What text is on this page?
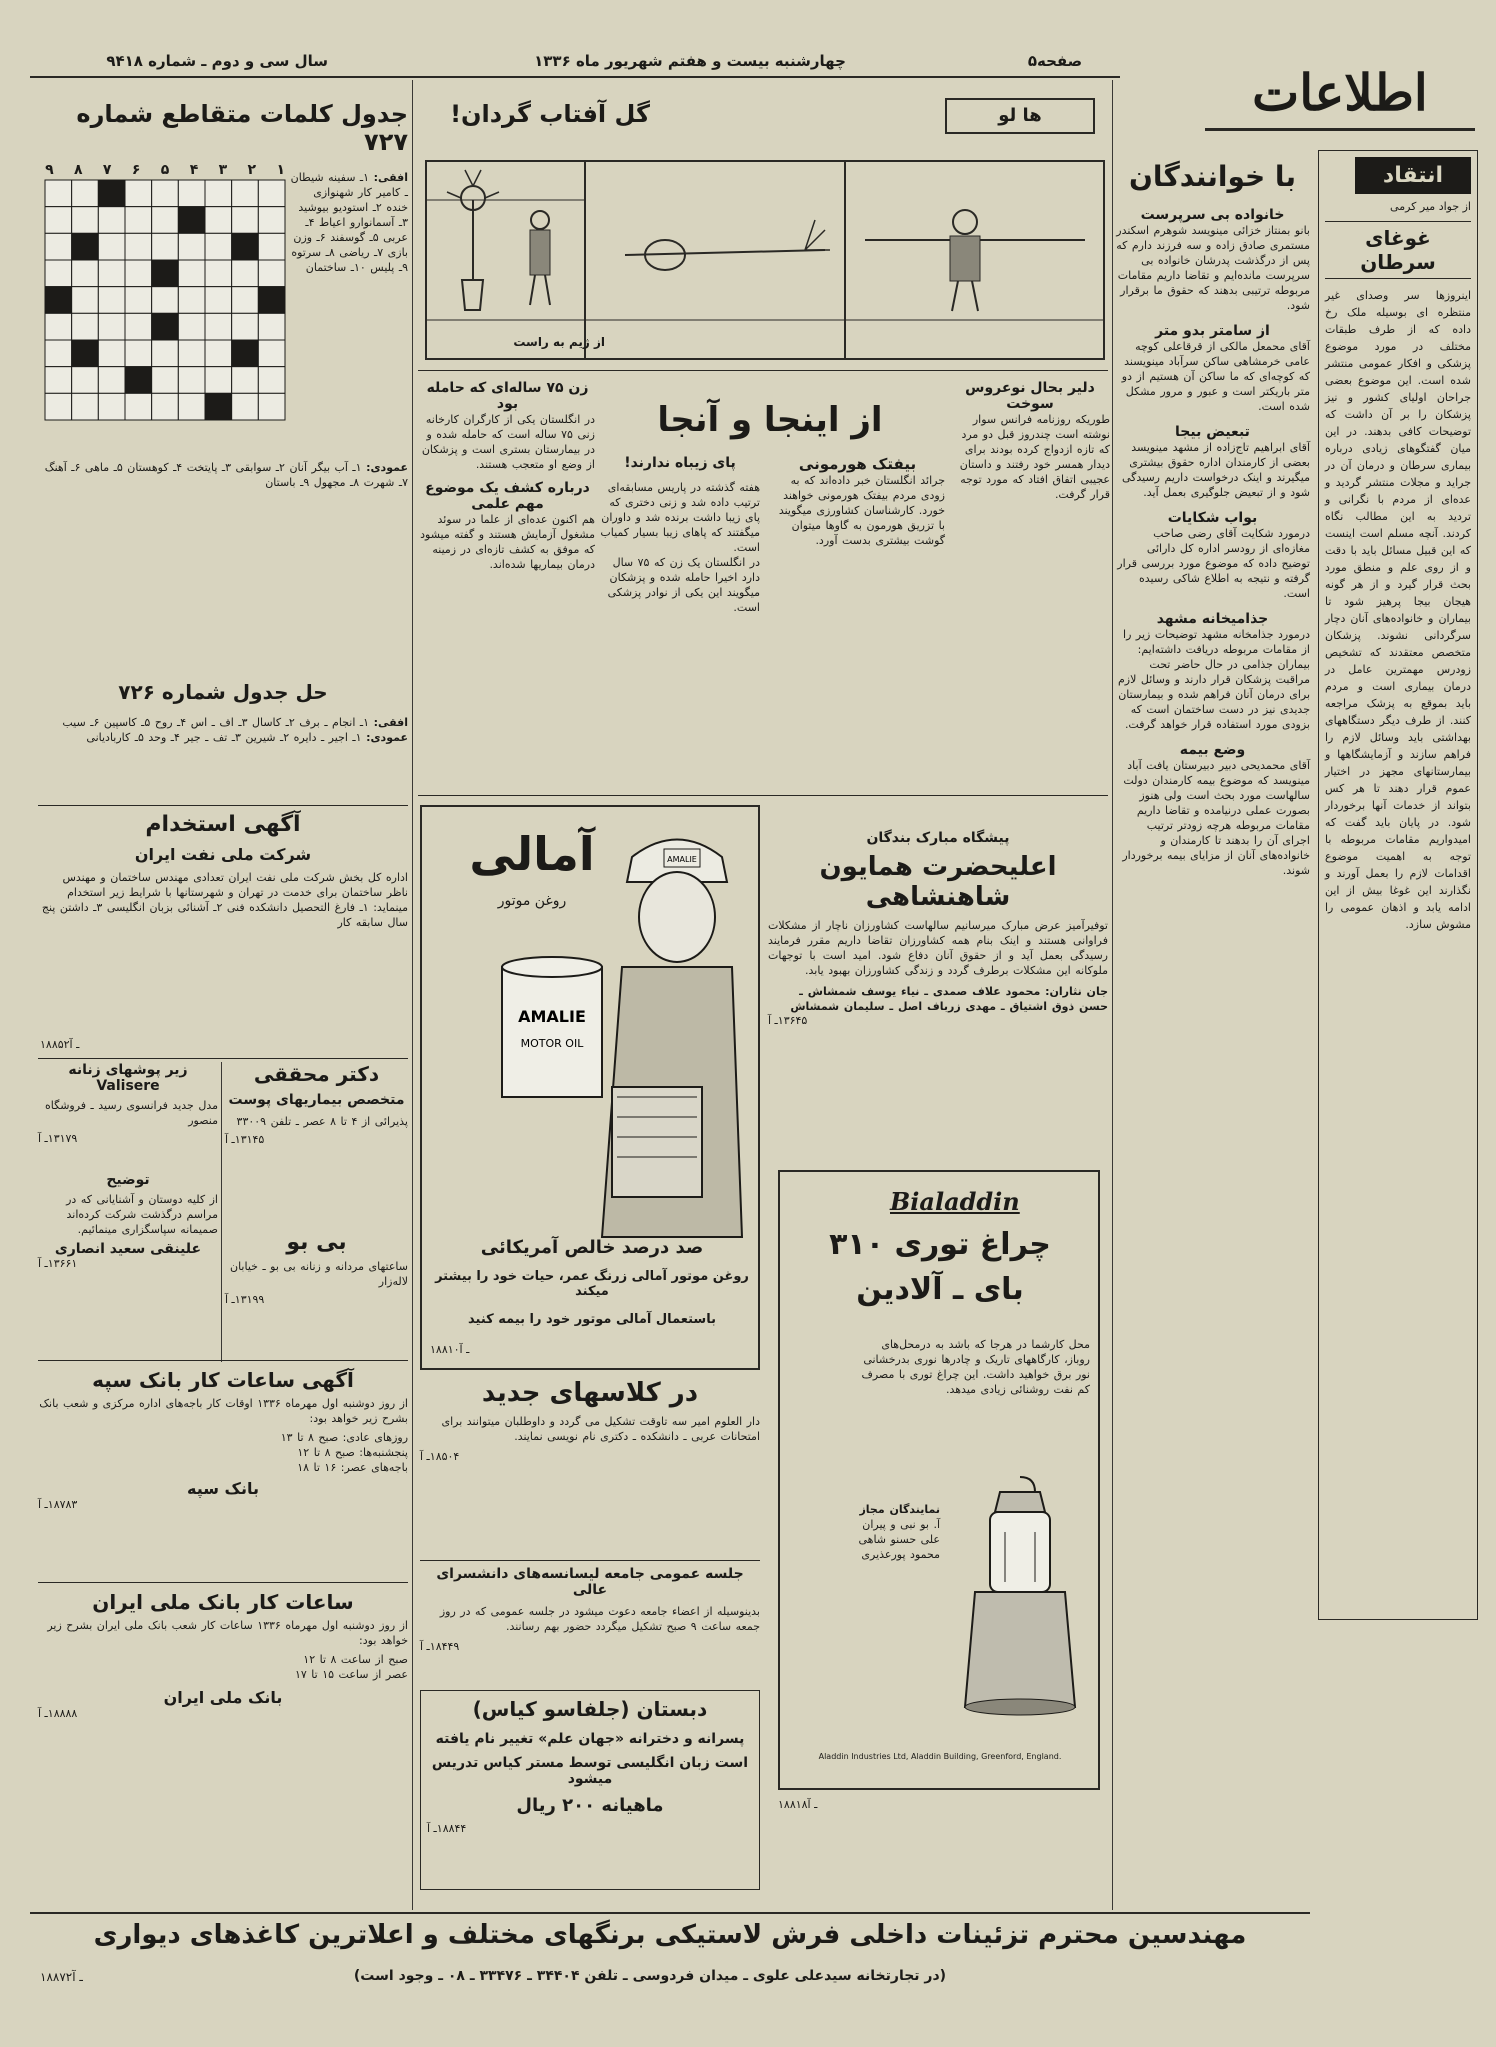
سال سی و دوم ـ شماره ۹۴۱۸	چهارشنبه بیست و هفتم شهریور ماه ۱۳۳۶	صفحه۵
اطلاعات
انتقاد
از جواد میر کرمی
غوغای سرطان
اینروزها سر وصدای غیر منتظره ای بوسیله ملک رخ داده که از طرف طبقات مختلف در مورد موضوع پزشکی و افکار عمومی منتشر شده است. این موضوع بعضی جراحان اولیای کشور و نیز پزشکان را بر آن داشت که توضیحات کافی بدهند. در این میان گفتگوهای زیادی درباره بیماری سرطان و درمان آن در جراید و مجلات منتشر گردید و عده‌ای از مردم با نگرانی و تردید به این مطالب نگاه کردند. آنچه مسلم است اینست که این قبیل مسائل باید با دقت و از روی علم و منطق مورد بحث قرار گیرد و از هر گونه هیجان بیجا پرهیز شود تا بیماران و خانواده‌های آنان دچار سرگردانی نشوند. پزشکان متخصص معتقدند که تشخیص زودرس مهمترین عامل در درمان بیماری است و مردم باید بموقع به پزشک مراجعه کنند. از طرف دیگر دستگاههای بهداشتی باید وسائل لازم را فراهم سازند و آزمایشگاهها و بیمارستانهای مجهز در اختیار عموم قرار دهند تا هر کس بتواند از خدمات آنها برخوردار شود. در پایان باید گفت که امیدواریم مقامات مربوطه با توجه به اهمیت موضوع اقدامات لازم را بعمل آورند و نگذارند این غوغا بیش از این ادامه یابد و اذهان عمومی را مشوش سازد.
با خوانندگان
خانواده بی سرپرست
بانو بمنتاز خزائی مینویسد شوهرم اسکندر مستمری صادق زاده و سه فرزند دارم که پس از درگذشت پدرشان خانواده بی سرپرست مانده‌ایم و تقاضا داریم مقامات مربوطه ترتیبی بدهند که حقوق ما برقرار شود.
از سامتر بدو متر
آقای محمعل مالکی از قرقاعلی کوچه عامی خرمشاهی ساکن سرآباد مینویسند که کوچه‌ای که ما ساکن آن هستیم از دو متر باریکتر است و عبور و مرور مشکل شده است.
تبعیض بیجا
آقای ابراهیم تاج‌زاده از مشهد مینویسد بعضی از کارمندان اداره حقوق بیشتری میگیرند و اینک درخواست داریم رسیدگی شود و از تبعیض جلوگیری بعمل آید.
بواب شکایات
درمورد شکایت آقای رضی صاحب مغازه‌ای از رودسر اداره کل دارائی توضیح داده که موضوع مورد بررسی قرار گرفته و نتیجه به اطلاع شاکی رسیده است.
جذامیخانه مشهد
درمورد جذامخانه مشهد توضیحات زیر را از مقامات مربوطه دریافت داشته‌ایم: بیماران جذامی در حال حاضر تحت مراقبت پزشکان قرار دارند و وسائل لازم برای درمان آنان فراهم شده و بیمارستان جدیدی نیز در دست ساختمان است که بزودی مورد استفاده قرار خواهد گرفت.
وضع بیمه
آقای محمدیحی دبیر دبیرستان یافت آباد مینویسد که موضوع بیمه کارمندان دولت سالهاست مورد بحث است ولی هنوز بصورت عملی درنیامده و تقاضا داریم مقامات مربوطه هرچه زودتر ترتیب اجرای آن را بدهند تا کارمندان و خانواده‌های آنان از مزایای بیمه برخوردار شوند.
ها لو
گل آفتاب گردان!
از ژیم به راست
جدول کلمات متقاطع شماره ۷۲۷
۱
۲
۳
۴
۵
۶
۷
۸
۹	افقی: ۱ـ سفینه‌ شیطان ـ کامیر کار شهنوازی خنده ۲ـ استودیو بیوشید ۳ـ آسمانوارو اعیاط ۴ـ عربی ۵ـ گوسفند ۶ـ وزن بازی ۷ـ ریاضی ۸ـ سرتوه ۹ـ پلیس ۱۰ـ ساختمان
عمودی: ۱ـ آب بیگر آنان ۲ـ سوابقی ۳ـ پایتخت ۴ـ کوهستان ۵ـ ماهی ۶ـ آهنگ ۷ـ شهرت ۸ـ مجهول ۹ـ باستان
حل جدول شماره ۷۲۶
افقی: ۱ـ انجام ـ برف ۲ـ کاسال ۳ـ اف ـ اس ۴ـ روح ۵ـ کاسپین ۶ـ سیب
عمودی: ۱ـ اجیر ـ دایره ۲ـ شیرین ۳ـ تف ـ جیر ۴ـ وحد ۵ـ کاربادیانی
آگهی استخدام
شرکت ملی نفت ایران
اداره کل بخش شرکت ملی نفت ایران تعدادی مهندس ساختمان و مهندس ناظر ساختمان برای خدمت در تهران و شهرستانها با شرایط زیر استخدام مینماید: ۱ـ فارغ التحصیل دانشکده فنی ۲ـ آشنائی بزبان انگلیسی ۳ـ داشتن پنج سال سابقه کار
۱۸۸۵۲ـ آ
دکتر محققی
متخصص بیماریهای پوست
پذیرائی از ۴ تا ۸ عصر ـ تلفن ۳۳۰۰۹
۱۳۱۴۵ـ آ
زیر پوشهای زنانه Valisere
مدل جدید فرانسوی رسید ـ فروشگاه منصور
۱۳۱۷۹ـ آ
توضیح
از کلیه دوستان و آشنایانی که در مراسم درگذشت شرکت کرده‌اند صمیمانه سپاسگزاری مینمائیم.
علینقی سعید انصاری
۱۳۶۶۱ـ آ
بی بو
ساعتهای مردانه و زنانه بی بو ـ خیابان لاله‌زار
۱۳۱۹۹ـ آ
آگهی ساعات کار بانک سپه
از روز دوشنبه اول مهرماه ۱۳۳۶ اوقات کار باجه‌های اداره مرکزی و شعب بانک بشرح زیر خواهد بود:
روزهای عادی: صبح ۸ تا ۱۳
پنجشنبه‌ها: صبح ۸ تا ۱۲
باجه‌های عصر: ۱۶ تا ۱۸
بانک سپه
۱۸۷۸۳ـ آ
ساعات کار بانک ملی ایران
از روز دوشنبه اول مهرماه ۱۳۳۶ ساعات کار شعب بانک ملی ایران بشرح زیر خواهد بود:
صبح از ساعت ۸ تا ۱۲
عصر از ساعت ۱۵ تا ۱۷
بانک ملی ایران
۱۸۸۸۸ـ آ
از اینجا و آنجا
پای زیباه ندارند!	بیفتک هورمونی
جرائد انگلستان خبر داده‌اند که به زودی مردم بیفتک هورمونی خواهند خورد. کارشناسان کشاورزی میگویند با تزریق هورمون به گاوها میتوان گوشت بیشتری بدست آورد.
هفته گذشته در پاریس مسابقه‌ای ترتیب داده شد و زنی دختری که پای زیبا داشت برنده شد و داوران میگفتند که پاهای زیبا بسیار کمیاب است.
در انگلستان یک زن که ۷۵ سال دارد اخیرا حامله شده و پزشکان میگویند این یکی از نوادر پزشکی است.
دلیر بحال نوعروس سوخت
طوریکه روزنامه فرانس سوار نوشته است چندروز قبل دو مرد که تازه ازدواج کرده بودند برای دیدار همسر خود رفتند و داستان عجیبی اتفاق افتاد که مورد توجه قرار گرفت.
زن ۷۵ ساله‌ای که حامله بود
در انگلستان یکی از کارگران کارخانه زنی ۷۵ ساله است که حامله شده و در بیمارستان بستری است و پزشکان از وضع او متعجب هستند.
درباره کشف یک موضوع مهم علمی
هم اکنون عده‌ای از علما در سوئد مشغول آزمایش هستند و گفته میشود که موفق به کشف تازه‌ای در زمینه درمان بیماریها شده‌اند.
آمالی
روغن موتور
AMALIE
AMALIE
MOTOR OIL
صد درصد خالص آمریکائی
روغن موتور آمالی زرنگ عمر، حیات خود را بیشتر میکند
باستعمال آمالی موتور خود را بیمه کنید
۱۸۸۱۰ـ آ
پیشگاه مبارک بندگان
اعلیحضرت همایون شاهنشاهی
توفیرآمیز عرض مبارک میرسانیم سالهاست کشاورزان ناچار از مشکلات فراوانی هستند و اینک بنام همه کشاورزان تقاضا داریم مقرر فرمایند رسیدگی بعمل آید و از حقوق آنان دفاع شود. امید است با توجهات ملوکانه این مشکلات برطرف گردد و زندگی کشاورزان بهبود یابد.
جان نثاران: محمود علاف صمدی ـ نیاء یوسف شمشاش ـ حسن ذوق اشتیاق ـ مهدی زرباف اصل ـ سلیمان شمشاش
۱۳۶۴۵ـ آ
Bialaddin
چراغ توری ۳۱۰
بای ـ آلادین
محل کارشما در هرجا که باشد به درمحل‌های روباز، کارگاههای تاریک و چادرها نوری بدرخشانی نور برق خواهید داشت. این چراغ توری با مصرف کم نفت روشنائی زیادی میدهد.
نمایندگان مجاز
آ. بو نبی و پیران
علی حسنو شاهی
محمود پورعذیری
Aladdin Industries Ltd, Aladdin Building, Greenford, England.
۱۸۸۱۸ـ آ
در کلاسهای جدید
دار العلوم امیر سه تاوقت تشکیل می گردد و داوطلبان میتوانند برای امتحانات عربی ـ دانشکده ـ دکتری نام نویسی نمایند.
۱۸۵۰۴ـ آ
جلسه عمومی جامعه لیسانسه‌های دانشسرای عالی
بدینوسیله از اعضاء جامعه دعوت میشود در جلسه عمومی که در روز جمعه ساعت ۹ صبح تشکیل میگردد حضور بهم رسانند.
۱۸۴۴۹ـ آ
دبستان (جلفاسو کیاس)
پسرانه و دخترانه «جهان علم» تغییر نام یافته
است زبان انگلیسی توسط مستر کیاس تدریس میشود
ماهیانه ۲۰۰ ریال
۱۸۸۴۴ـ آ
مهندسین محترم تزئینات داخلی فرش لاستیکی برنگهای مختلف و اعلاترین کاغذهای دیواری
(در تجارتخانه سیدعلی علوی ـ میدان فردوسی ـ تلفن ۳۴۴۰۴ ـ ۳۳۴۷۶ ـ ۰۸ ـ وجود است)
۱۸۸۷۲ـ آ
